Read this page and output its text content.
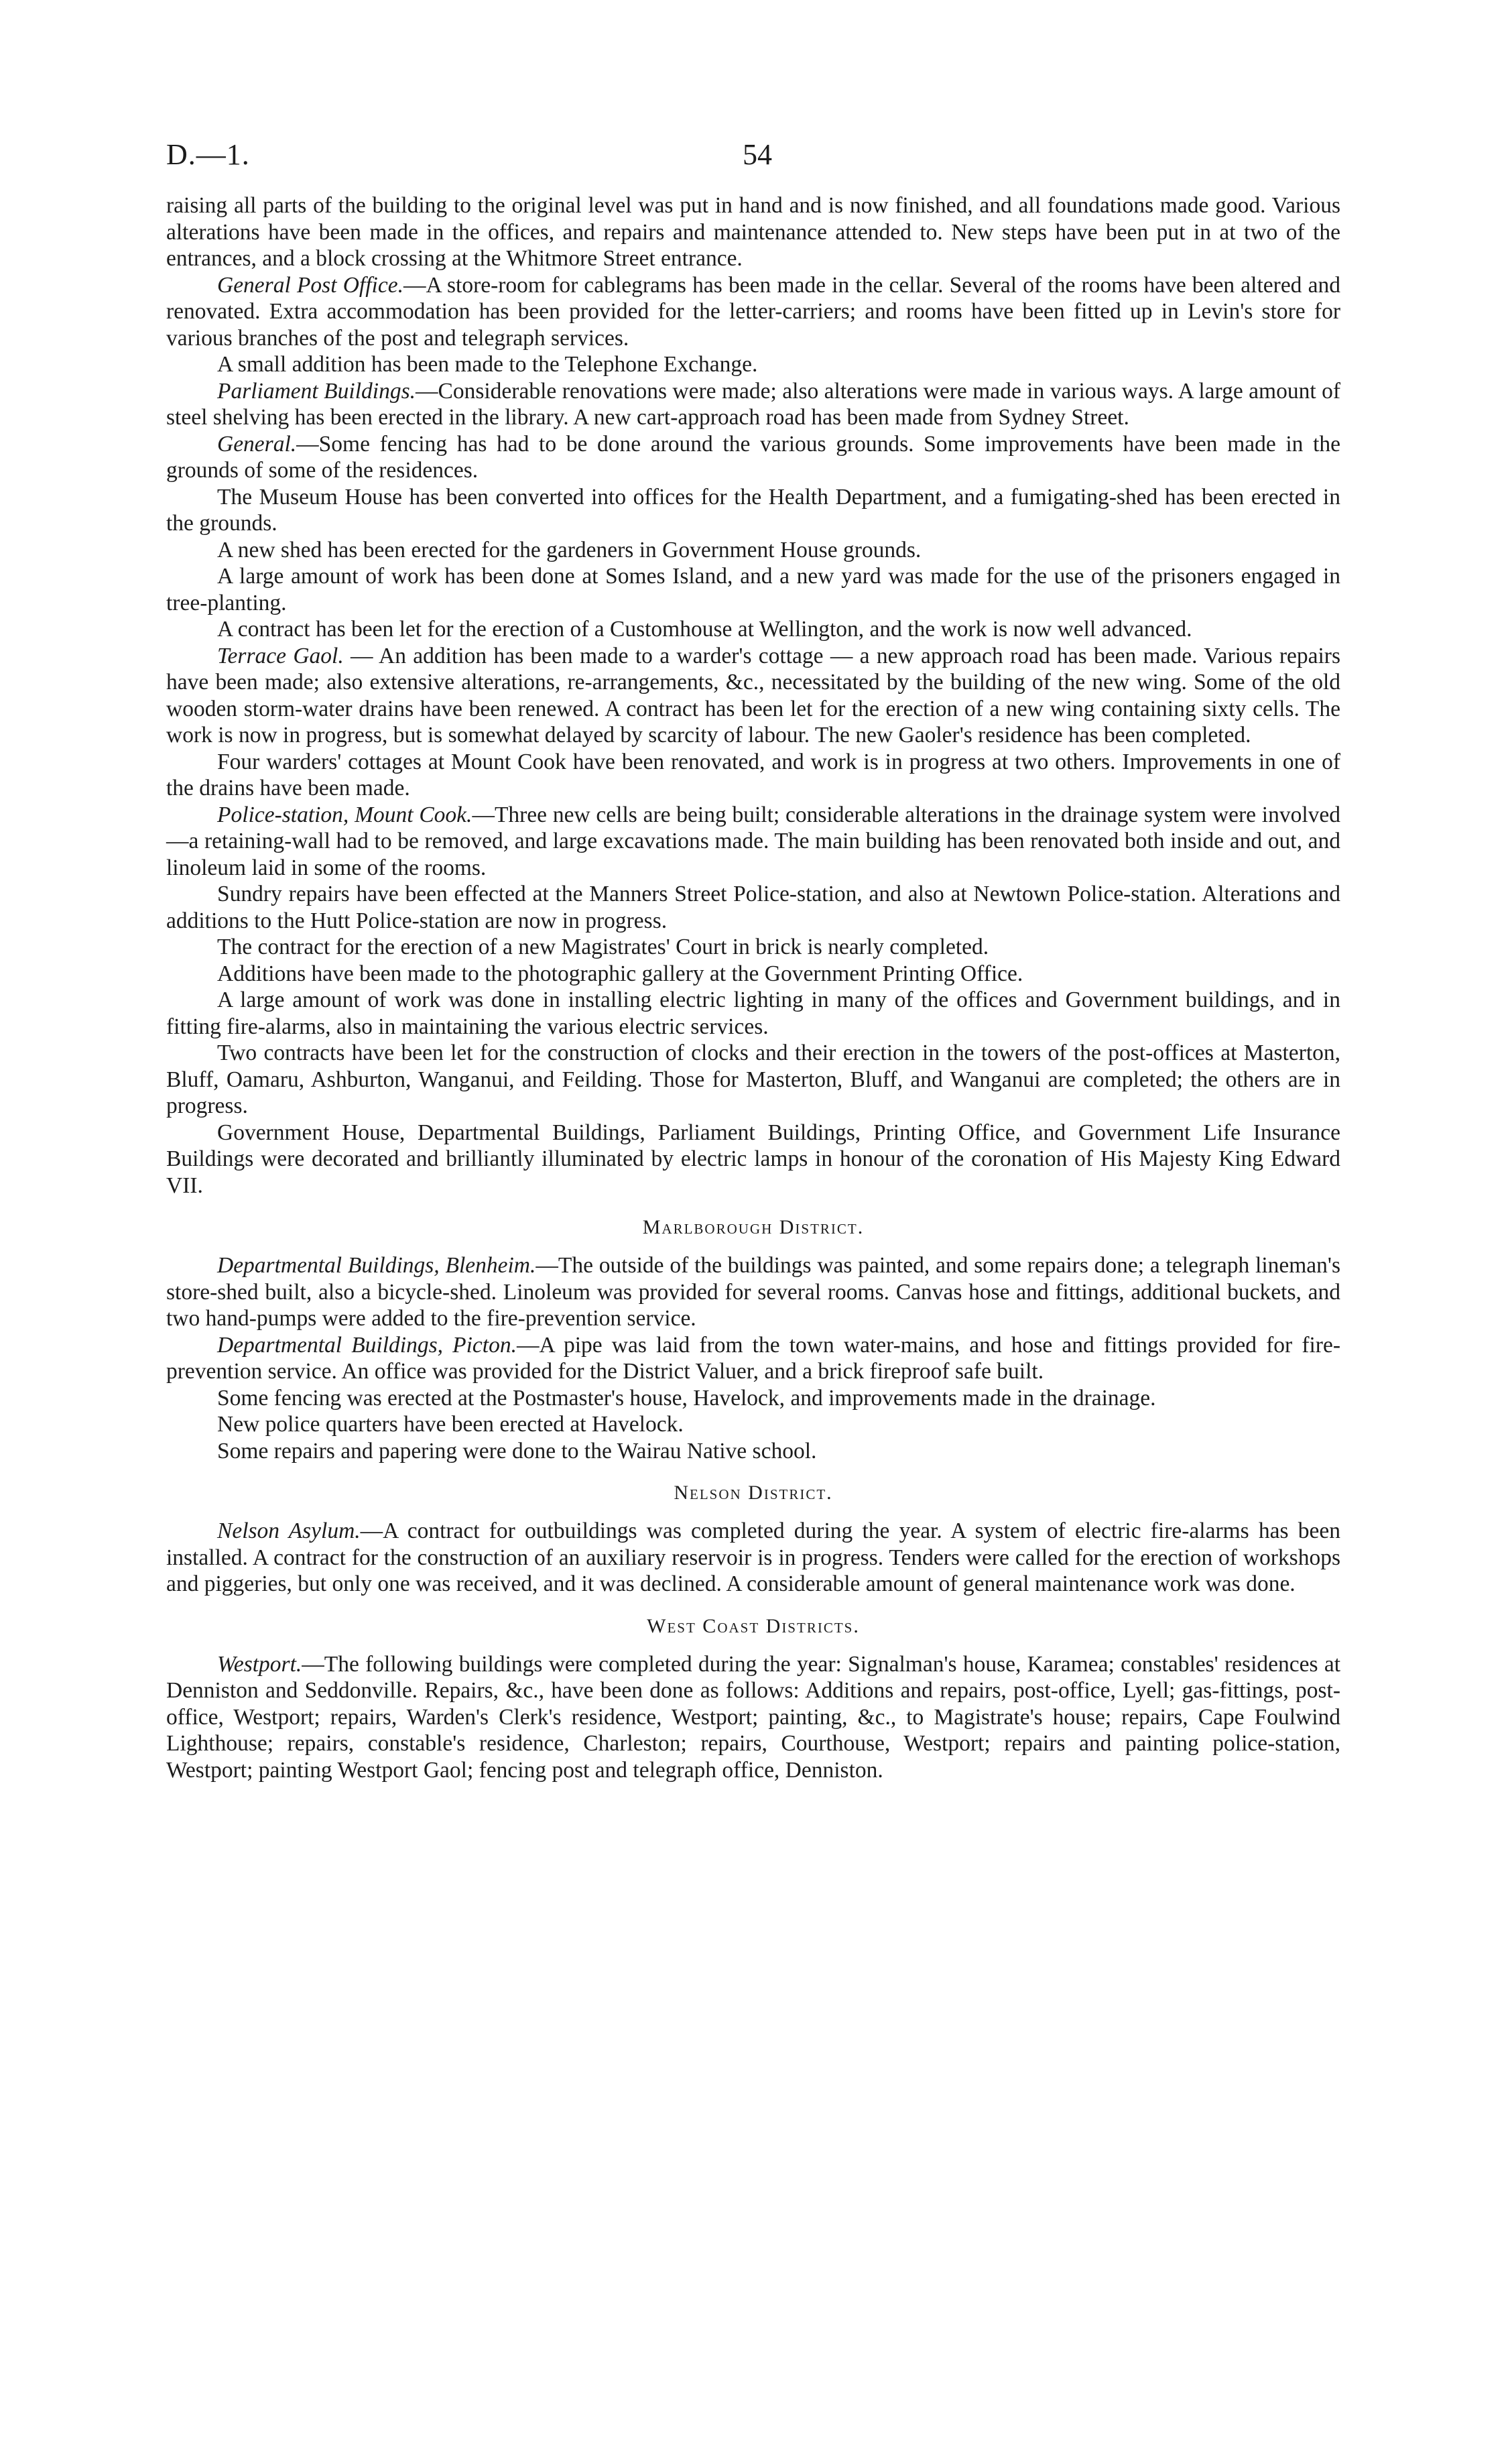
D.—1.	54

raising all parts of the building to the original level was put in hand and is now finished, and all foundations made good. Various alterations have been made in the offices, and repairs and maintenance attended to. New steps have been put in at two of the entrances, and a block crossing at the Whitmore Street entrance.

General Post Office.—A store-room for cablegrams has been made in the cellar. Several of the rooms have been altered and renovated. Extra accommodation has been provided for the letter-carriers; and rooms have been fitted up in Levin's store for various branches of the post and telegraph services.

A small addition has been made to the Telephone Exchange.

Parliament Buildings.—Considerable renovations were made; also alterations were made in various ways. A large amount of steel shelving has been erected in the library. A new cart-approach road has been made from Sydney Street.

General.—Some fencing has had to be done around the various grounds. Some improvements have been made in the grounds of some of the residences.

The Museum House has been converted into offices for the Health Department, and a fumigating-shed has been erected in the grounds.

A new shed has been erected for the gardeners in Government House grounds.

A large amount of work has been done at Somes Island, and a new yard was made for the use of the prisoners engaged in tree-planting.

A contract has been let for the erection of a Customhouse at Wellington, and the work is now well advanced.

Terrace Gaol. — An addition has been made to a warder's cottage — a new approach road has been made. Various repairs have been made; also extensive alterations, re-arrangements, &c., necessitated by the building of the new wing. Some of the old wooden storm-water drains have been renewed. A contract has been let for the erection of a new wing containing sixty cells. The work is now in progress, but is somewhat delayed by scarcity of labour. The new Gaoler's residence has been completed.

Four warders' cottages at Mount Cook have been renovated, and work is in progress at two others. Improvements in one of the drains have been made.

Police-station, Mount Cook.—Three new cells are being built; considerable alterations in the drainage system were involved—a retaining-wall had to be removed, and large excavations made. The main building has been renovated both inside and out, and linoleum laid in some of the rooms.

Sundry repairs have been effected at the Manners Street Police-station, and also at Newtown Police-station. Alterations and additions to the Hutt Police-station are now in progress.

The contract for the erection of a new Magistrates' Court in brick is nearly completed.

Additions have been made to the photographic gallery at the Government Printing Office.

A large amount of work was done in installing electric lighting in many of the offices and Government buildings, and in fitting fire-alarms, also in maintaining the various electric services.

Two contracts have been let for the construction of clocks and their erection in the towers of the post-offices at Masterton, Bluff, Oamaru, Ashburton, Wanganui, and Feilding. Those for Masterton, Bluff, and Wanganui are completed; the others are in progress.

Government House, Departmental Buildings, Parliament Buildings, Printing Office, and Government Life Insurance Buildings were decorated and brilliantly illuminated by electric lamps in honour of the coronation of His Majesty King Edward VII.

Marlborough District.

Departmental Buildings, Blenheim.—The outside of the buildings was painted, and some repairs done; a telegraph lineman's store-shed built, also a bicycle-shed. Linoleum was provided for several rooms. Canvas hose and fittings, additional buckets, and two hand-pumps were added to the fire-prevention service.

Departmental Buildings, Picton.—A pipe was laid from the town water-mains, and hose and fittings provided for fire-prevention service. An office was provided for the District Valuer, and a brick fireproof safe built.

Some fencing was erected at the Postmaster's house, Havelock, and improvements made in the drainage.

New police quarters have been erected at Havelock.

Some repairs and papering were done to the Wairau Native school.

Nelson District.

Nelson Asylum.—A contract for outbuildings was completed during the year. A system of electric fire-alarms has been installed. A contract for the construction of an auxiliary reservoir is in progress. Tenders were called for the erection of workshops and piggeries, but only one was received, and it was declined. A considerable amount of general maintenance work was done.

West Coast Districts.

Westport.—The following buildings were completed during the year: Signalman's house, Karamea; constables' residences at Denniston and Seddonville. Repairs, &c., have been done as follows: Additions and repairs, post-office, Lyell; gas-fittings, post-office, Westport; repairs, Warden's Clerk's residence, Westport; painting, &c., to Magistrate's house; repairs, Cape Foulwind Lighthouse; repairs, constable's residence, Charleston; repairs, Courthouse, Westport; repairs and painting police-station, Westport; painting Westport Gaol; fencing post and telegraph office, Denniston.
